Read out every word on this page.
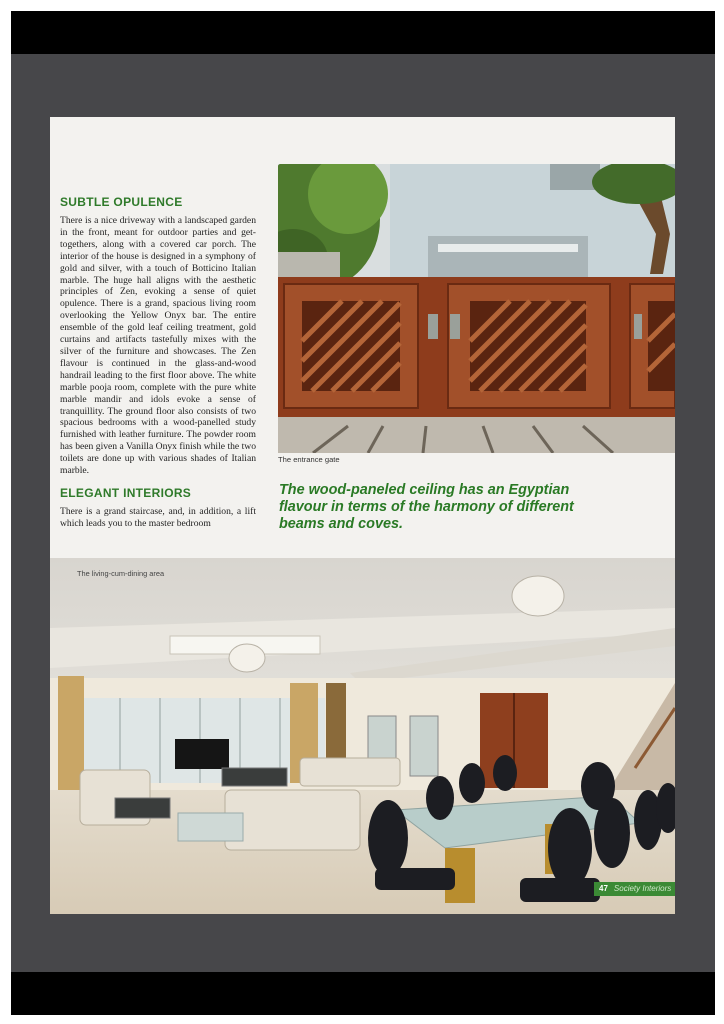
SUBTLE OPULENCE

There is a nice driveway with a landscaped garden in the front, meant for outdoor parties and get-togethers, along with a covered car porch. The interior of the house is designed in a symphony of gold and silver, with a touch of Botticino Italian marble. The huge hall aligns with the aesthetic principles of Zen, evoking a sense of quiet opulence. There is a grand, spacious living room overlooking the Yellow Onyx bar. The entire ensemble of the gold leaf ceiling treatment, gold curtains and artifacts tastefully mixes with the silver of the furniture and showcases. The Zen flavour is continued in the glass-and-wood handrail leading to the first floor above. The white marble pooja room, complete with the pure white marble mandir and idols evoke a sense of tranquillity. The ground floor also consists of two spacious bedrooms with a wood-panelled study furnished with leather furniture. The powder room has been given a Vanilla Onyx finish while the two toilets are done up with various shades of Italian marble.

ELEGANT INTERIORS

There is a grand staircase, and, in addition, a lift which leads you to the master bedroom

The entrance gate

The wood-paneled ceiling has an Egyptian flavour in terms of the harmony of different beams and coves.

The living-cum-dining area
47 Society Interiors
